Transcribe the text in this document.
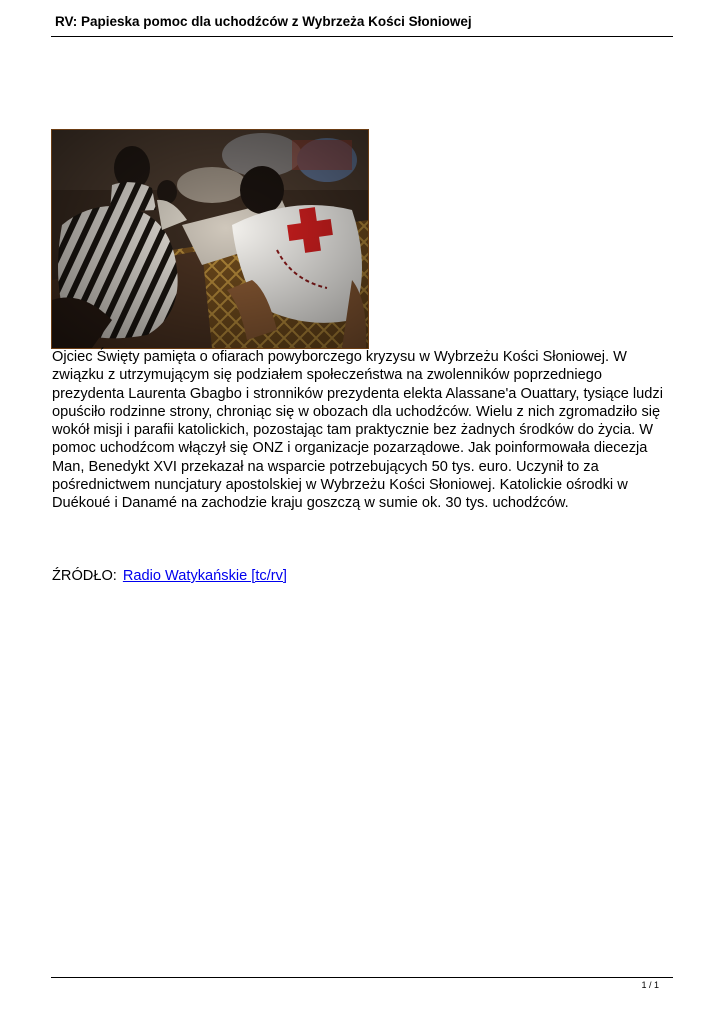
RV: Papieska pomoc dla uchodźców z Wybrzeża Kości Słoniowej
Ojciec Święty pamięta o ofiarach powyborczego kryzysu w Wybrzeżu Kości Słoniowej. W związku z utrzymującym się podziałem społeczeństwa na zwolenników poprzedniego prezydenta Laurenta Gbagbo i stronników prezydenta elekta Alassane'a Ouattary, tysiące ludzi opuściło rodzinne strony, chroniąc się w obozach dla uchodźców. Wielu z nich zgromadziło się wokół misji i parafii katolickich, pozostając tam praktycznie bez żadnych środków do życia. W pomoc uchodźcom włączył się ONZ i organizacje pozarządowe. Jak poinformowała diecezja Man, Benedykt XVI przekazał na wsparcie potrzebujących 50 tys. euro. Uczynił to za pośrednictwem nuncjatury apostolskiej w Wybrzeżu Kości Słoniowej. Katolickie ośrodki w Duékoué i Danamé na zachodzie kraju goszczą w sumie ok. 30 tys. uchodźców.
ŹRÓDŁO: Radio Watykańskie [tc/rv]
1 / 1
